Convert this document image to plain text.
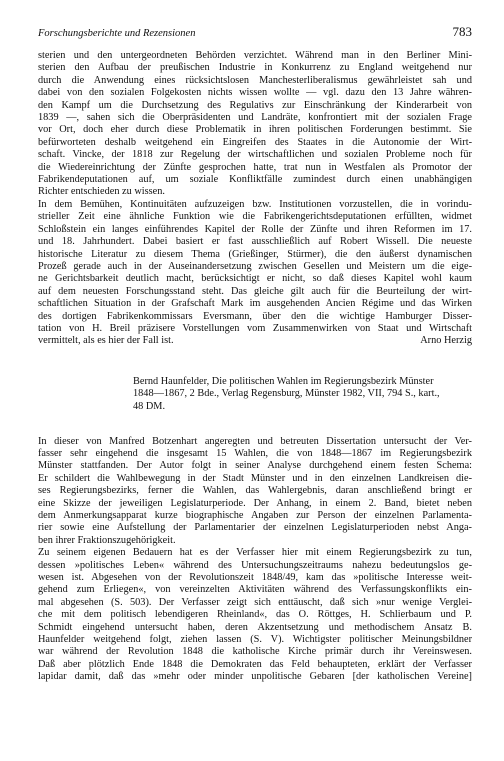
Forschungsberichte und Rezensionen	783
sterien und den untergeordneten Behörden verzichtet. Während man in den Berliner Mini-
sterien den Aufbau der preußischen Industrie in Konkurrenz zu England weitgehend nur
durch die Anwendung eines rücksichtslosen Manchesterliberalismus gewährleistet sah und
dabei von den sozialen Folgekosten nichts wissen wollte — vgl. dazu den 13 Jahre währen-
den Kampf um die Durchsetzung des Regulativs zur Einschränkung der Kinderarbeit von
1839 —, sahen sich die Oberpräsidenten und Landräte, konfrontiert mit der sozialen Frage
vor Ort, doch eher durch diese Problematik in ihren politischen Forderungen bestimmt. Sie
befürworteten deshalb weitgehend ein Eingreifen des Staates in die Autonomie der Wirt-
schaft. Vincke, der 1818 zur Regelung der wirtschaftlichen und sozialen Probleme noch für
die Wiedereinrichtung der Zünfte gesprochen hatte, trat nun in Westfalen als Promotor der
Fabrikendeputationen auf, um soziale Konfliktfälle zumindest durch einen unabhängigen
Richter entschieden zu wissen.
In dem Bemühen, Kontinuitäten aufzuzeigen bzw. Institutionen vorzustellen, die in vorindu-
strieller Zeit eine ähnliche Funktion wie die Fabrikengerichtsdeputationen erfüllten, widmet
Schloßstein ein langes einführendes Kapitel der Rolle der Zünfte und ihren Reformen im 17.
und 18. Jahrhundert. Dabei basiert er fast ausschließlich auf Robert Wissell. Die neueste
historische Literatur zu diesem Thema (Grießinger, Stürmer), die den äußerst dynamischen
Prozeß gerade auch in der Auseinandersetzung zwischen Gesellen und Meistern um die eige-
ne Gerichtsbarkeit deutlich macht, berücksichtigt er nicht, so daß dieses Kapitel wohl kaum
auf dem neuesten Forschungsstand steht. Das gleiche gilt auch für die Beurteilung der wirt-
schaftlichen Situation in der Grafschaft Mark im ausgehenden Ancien Régime und das Wirken
des dortigen Fabrikenkommissars Eversmann, über den die wichtige Hamburger Disser-
tation von H. Breil präzisere Vorstellungen vom Zusammenwirken von Staat und Wirtschaft
vermittelt, als es hier der Fall ist.	Arno Herzig
Bernd Haunfelder, Die politischen Wahlen im Regierungsbezirk Münster
1848—1867, 2 Bde., Verlag Regensburg, Münster 1982, VII, 794 S., kart.,
48 DM.
In dieser von Manfred Botzenhart angeregten und betreuten Dissertation untersucht der Ver-
fasser sehr eingehend die insgesamt 15 Wahlen, die von 1848—1867 im Regierungsbezirk
Münster stattfanden. Der Autor folgt in seiner Analyse durchgehend einem festen Schema:
Er schildert die Wahlbewegung in der Stadt Münster und in den einzelnen Landkreisen die-
ses Regierungsbezirks, ferner die Wahlen, das Wahlergebnis, daran anschließend bringt er
eine Skizze der jeweiligen Legislaturperiode. Der Anhang, in einem 2. Band, bietet neben
dem Anmerkungsapparat kurze biographische Angaben zur Person der einzelnen Parlamenta-
rier sowie eine Aufstellung der Parlamentarier der einzelnen Legislaturperioden nebst Anga-
ben ihrer Fraktionszugehörigkeit.
Zu seinem eigenen Bedauern hat es der Verfasser hier mit einem Regierungsbezirk zu tun,
dessen »politisches Leben« während des Untersuchungszeitraums nahezu bedeutungslos ge-
wesen ist. Abgesehen von der Revolutionszeit 1848/49, kam das »politische Interesse weit-
gehend zum Erliegen«, von vereinzelten Aktivitäten während des Verfassungskonflikts ein-
mal abgesehen (S. 503). Der Verfasser zeigt sich enttäuscht, daß sich »nur wenige Verglei-
che mit dem politisch lebendigeren Rheinland«, das O. Röttges, H. Schlierbaum und P.
Schmidt eingehend untersucht haben, deren Akzentsetzung und methodischem Ansatz B.
Haunfelder weitgehend folgt, ziehen lassen (S. V). Wichtigster politischer Meinungsbildner
war während der Revolution 1848 die katholische Kirche primär durch ihr Vereinswesen.
Daß aber plötzlich Ende 1848 die Demokraten das Feld behaupteten, erklärt der Verfasser
lapidar damit, daß das »mehr oder minder unpolitische Gebaren [der katholischen Vereine]
